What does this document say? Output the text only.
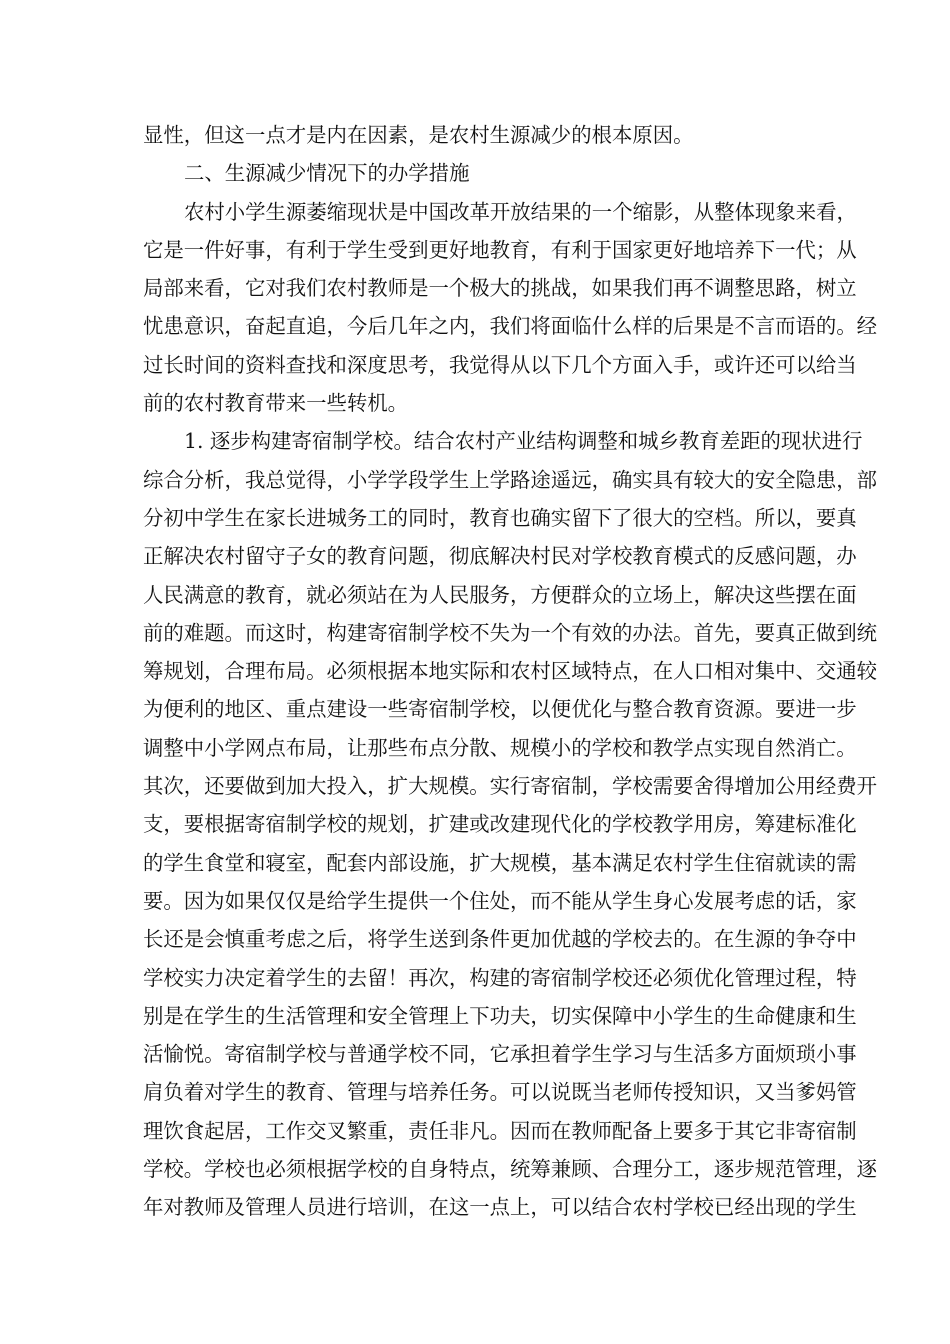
显性，但这一点才是内在因素，是农村生源减少的根本原因。
二、生源减少情况下的办学措施
农村小学生源萎缩现状是中国改革开放结果的一个缩影，从整体现象来看，
它是一件好事，有利于学生受到更好地教育，有利于国家更好地培养下一代；从
局部来看，它对我们农村教师是一个极大的挑战，如果我们再不调整思路，树立
忧患意识，奋起直追，今后几年之内，我们将面临什么样的后果是不言而语的。经
过长时间的资料查找和深度思考，我觉得从以下几个方面入手，或许还可以给当
前的农村教育带来一些转机。
1. 逐步构建寄宿制学校。结合农村产业结构调整和城乡教育差距的现状进行
综合分析，我总觉得，小学学段学生上学路途遥远，确实具有较大的安全隐患，部
分初中学生在家长进城务工的同时，教育也确实留下了很大的空档。所以，要真
正解决农村留守子女的教育问题，彻底解决村民对学校教育模式的反感问题，办
人民满意的教育，就必须站在为人民服务，方便群众的立场上，解决这些摆在面
前的难题。而这时，构建寄宿制学校不失为一个有效的办法。首先，要真正做到统
筹规划，合理布局。必须根据本地实际和农村区域特点，在人口相对集中、交通较
为便利的地区、重点建设一些寄宿制学校，以便优化与整合教育资源。要进一步
调整中小学网点布局，让那些布点分散、规模小的学校和教学点实现自然消亡。
其次，还要做到加大投入，扩大规模。实行寄宿制，学校需要舍得增加公用经费开
支，要根据寄宿制学校的规划，扩建或改建现代化的学校教学用房，筹建标准化
的学生食堂和寝室，配套内部设施，扩大规模，基本满足农村学生住宿就读的需
要。因为如果仅仅是给学生提供一个住处，而不能从学生身心发展考虑的话，家
长还是会慎重考虑之后，将学生送到条件更加优越的学校去的。在生源的争夺中
学校实力决定着学生的去留！再次，构建的寄宿制学校还必须优化管理过程，特
别是在学生的生活管理和安全管理上下功夫，切实保障中小学生的生命健康和生
活愉悦。寄宿制学校与普通学校不同，它承担着学生学习与生活多方面烦琐小事
肩负着对学生的教育、管理与培养任务。可以说既当老师传授知识，又当爹妈管
理饮食起居，工作交叉繁重，责任非凡。因而在教师配备上要多于其它非寄宿制
学校。学校也必须根据学校的自身特点，统筹兼顾、合理分工，逐步规范管理，逐
年对教师及管理人员进行培训，在这一点上，可以结合农村学校已经出现的学生
